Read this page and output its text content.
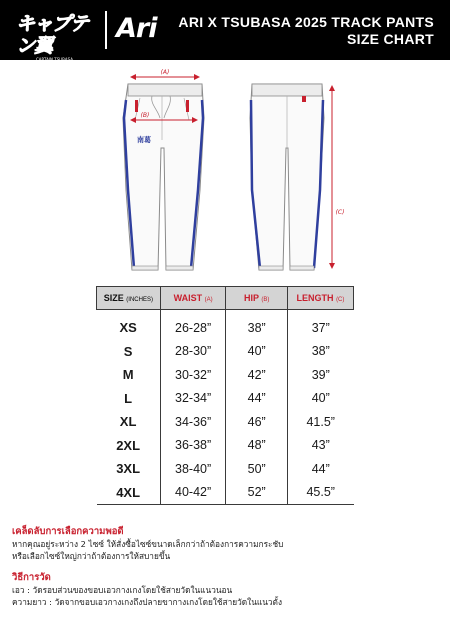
キャプテン翼
CAPTAIN TSUBASA
Ari ARI X TSUBASA 2025 TRACK PANTS
SIZE CHART
南葛
(A)
(B)
(C)
SIZE (INCHES)	WAIST (A)	HIP (B)	LENGTH (C)
XS	26-28”	38”	37”
S	28-30”	40”	38”
M	30-32”	42”	39”
L	32-34”	44”	40”
XL	34-36”	46”	41.5”
2XL	36-38”	48”	43”
3XL	38-40”	50”	44”
4XL	40-42”	52”	45.5”
เคล็ดลับการเลือกความพอดี
หากคุณอยู่ระหว่าง 2 ไซซ์ ให้สั่งซื้อไซซ์ขนาดเล็กกว่าถ้าต้องการความกระชับ
หรือเลือกไซซ์ใหญ่กว่าถ้าต้องการให้สบายขึ้น
วิธีการวัด
เอว : วัดรอบส่วนของขอบเอวกางเกงโดยใช้สายวัดในแนวนอน
ความยาว : วัดจากขอบเอวกางเกงถึงปลายขากางเกงโดยใช้สายวัดในแนวตั้ง
